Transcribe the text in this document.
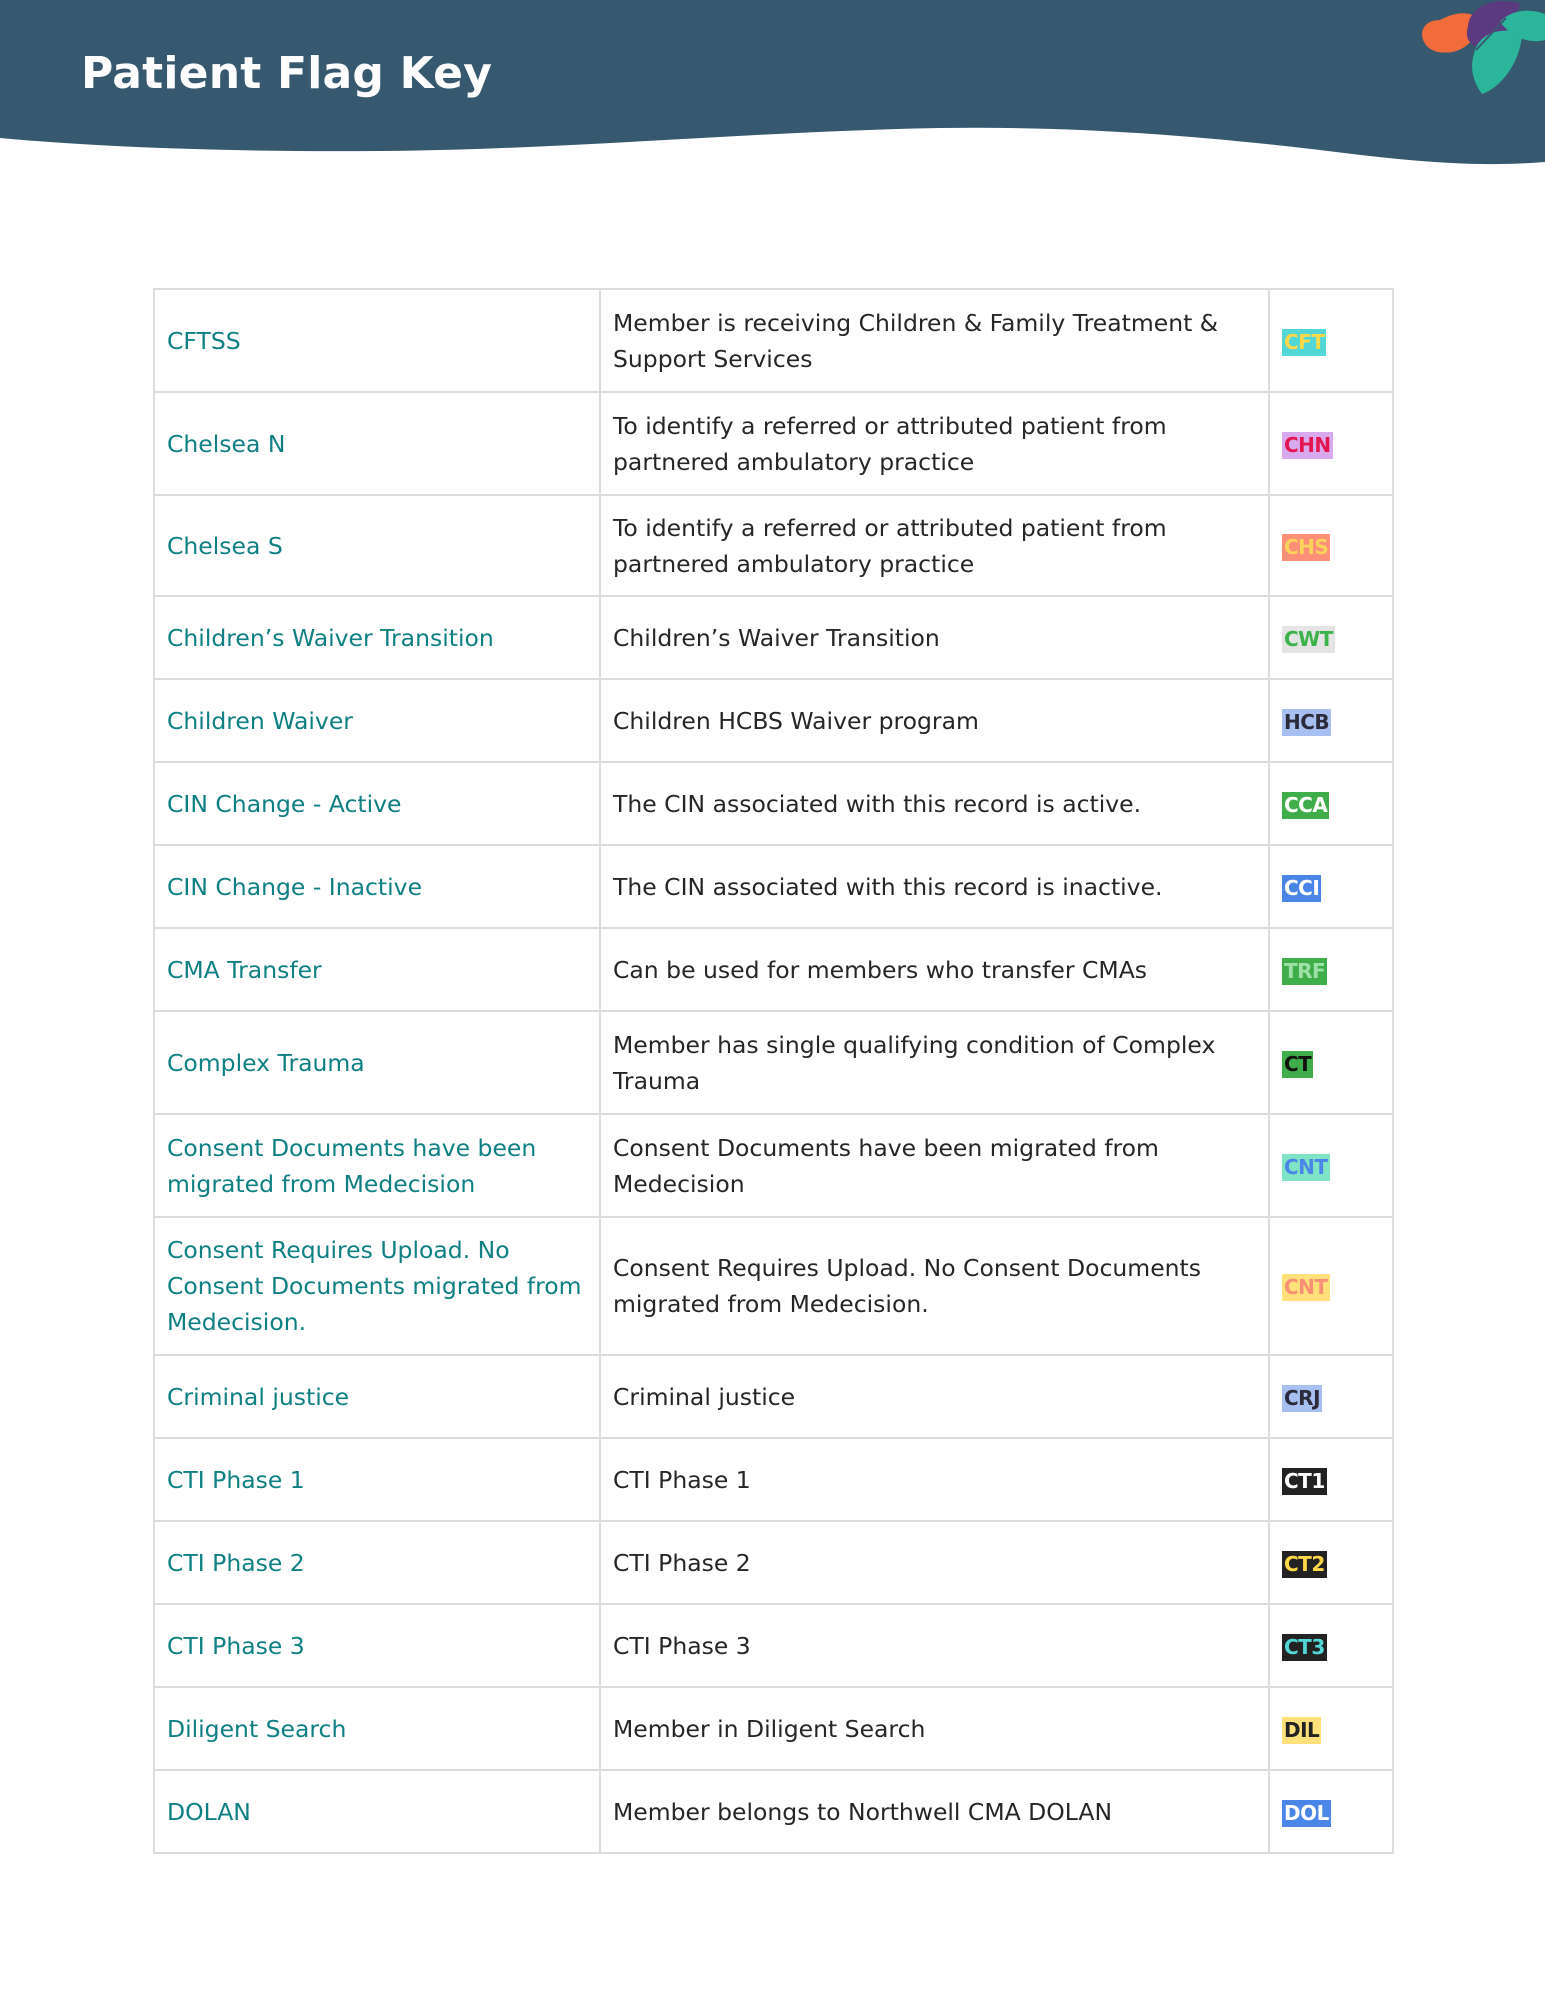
Patient Flag Key
CFTSS	Member is receiving Children & Family Treatment & Support Services	CFT
Chelsea N	To identify a referred or attributed patient from partnered ambulatory practice	CHN
Chelsea S	To identify a referred or attributed patient from partnered ambulatory practice	CHS
Children’s Waiver Transition	Children’s Waiver Transition	CWT
Children Waiver	Children HCBS Waiver program	HCB
CIN Change - Active	The CIN associated with this record is active.	CCA
CIN Change - Inactive	The CIN associated with this record is inactive.	CCI
CMA Transfer	Can be used for members who transfer CMAs	TRF
Complex Trauma	Member has single qualifying condition of Complex Trauma	CT
Consent Documents have been migrated from Medecision	Consent Documents have been migrated from Medecision	CNT
Consent Requires Upload. No Consent Documents migrated from Medecision.	Consent Requires Upload. No Consent Documents migrated from Medecision.	CNT
Criminal justice	Criminal justice	CRJ
CTI Phase 1	CTI Phase 1	CT1
CTI Phase 2	CTI Phase 2	CT2
CTI Phase 3	CTI Phase 3	CT3
Diligent Search	Member in Diligent Search	DIL
DOLAN	Member belongs to Northwell CMA DOLAN	DOL
